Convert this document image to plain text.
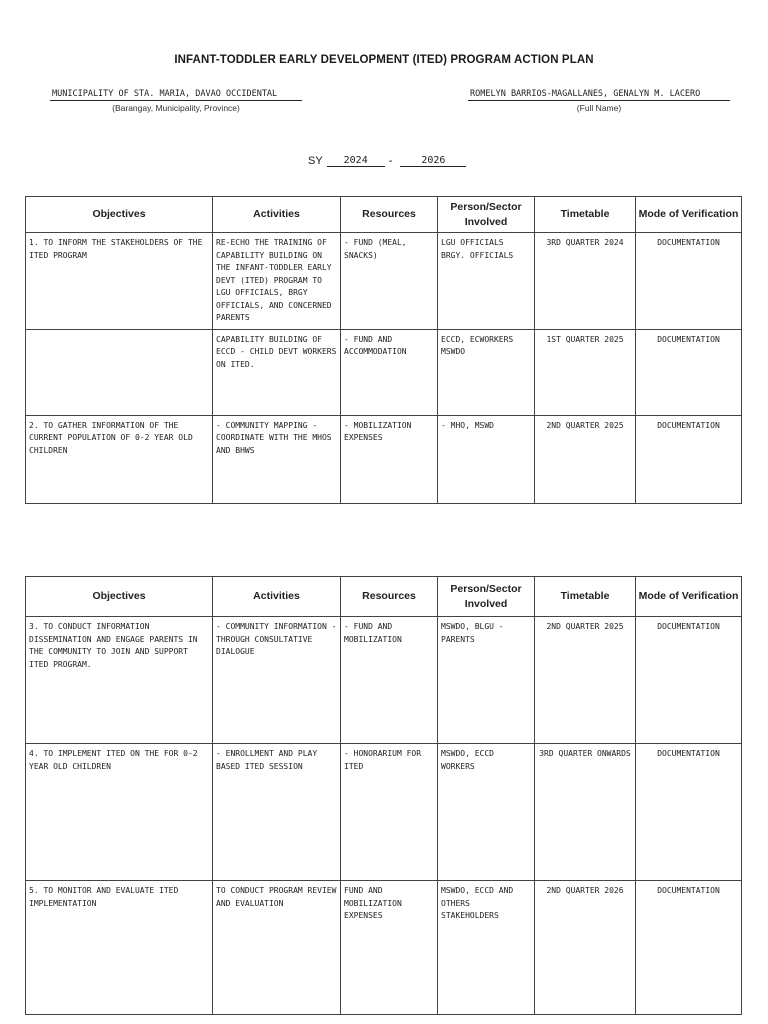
INFANT-TODDLER EARLY DEVELOPMENT (ITED) PROGRAM ACTION PLAN
MUNICIPALITY OF STA. MARIA, DAVAO OCCIDENTAL
(Barangay, Municipality, Province)
ROMELYN BARRIOS-MAGALLANES, GENALYN M. LACERO
(Full Name)
SY	2024	-	2026
Objectives	Activities	Resources	Person/Sector Involved	Timetable	Mode of Verification

1. TO INFORM THE STAKEHOLDERS OF THE ITED PROGRAM	RE-ECHO THE TRAINING OF CAPABILITY BUILDING ON THE INFANT-TODDLER EARLY DEVT (ITED) PROGRAM TO LGU OFFICIALS, BRGY OFFICIALS, AND CONCERNED PARENTS	- FUND (MEAL, SNACKS)	LGU OFFICIALS BRGY. OFFICIALS	3RD QUARTER 2024	DOCUMENTATION

	CAPABILITY BUILDING OF ECCD - CHILD DEVT WORKERS ON ITED.	- FUND AND ACCOMMODATION	ECCD, ECWORKERS MSWDO	1ST QUARTER 2025	DOCUMENTATION

2. TO GATHER INFORMATION OF THE CURRENT POPULATION OF 0-2 YEAR OLD CHILDREN	- COMMUNITY MAPPING - COORDINATE WITH THE MHOS AND BHWS	- MOBILIZATION EXPENSES	- MHO, MSWD	2ND QUARTER 2025	DOCUMENTATION
Objectives	Activities	Resources	Person/Sector Involved	Timetable	Mode of Verification

3. TO CONDUCT INFORMATION DISSEMINATION AND ENGAGE PARENTS IN THE COMMUNITY TO JOIN AND SUPPORT ITED PROGRAM.	- COMMUNITY INFORMATION - THROUGH CONSULTATIVE DIALOGUE	- FUND AND MOBILIZATION	MSWDO, BLGU - PARENTS	2ND QUARTER 2025	DOCUMENTATION

4. TO IMPLEMENT ITED ON THE FOR 0-2 YEAR OLD CHILDREN	- ENROLLMENT AND PLAY BASED ITED SESSION	- HONORARIUM FOR ITED	MSWDO, ECCD WORKERS	3RD QUARTER ONWARDS	DOCUMENTATION

5. TO MONITOR AND EVALUATE ITED IMPLEMENTATION	TO CONDUCT PROGRAM REVIEW AND EVALUATION	FUND AND MOBILIZATION EXPENSES	MSWDO, ECCD AND OTHERS STAKEHOLDERS	2ND QUARTER 2026	DOCUMENTATION
